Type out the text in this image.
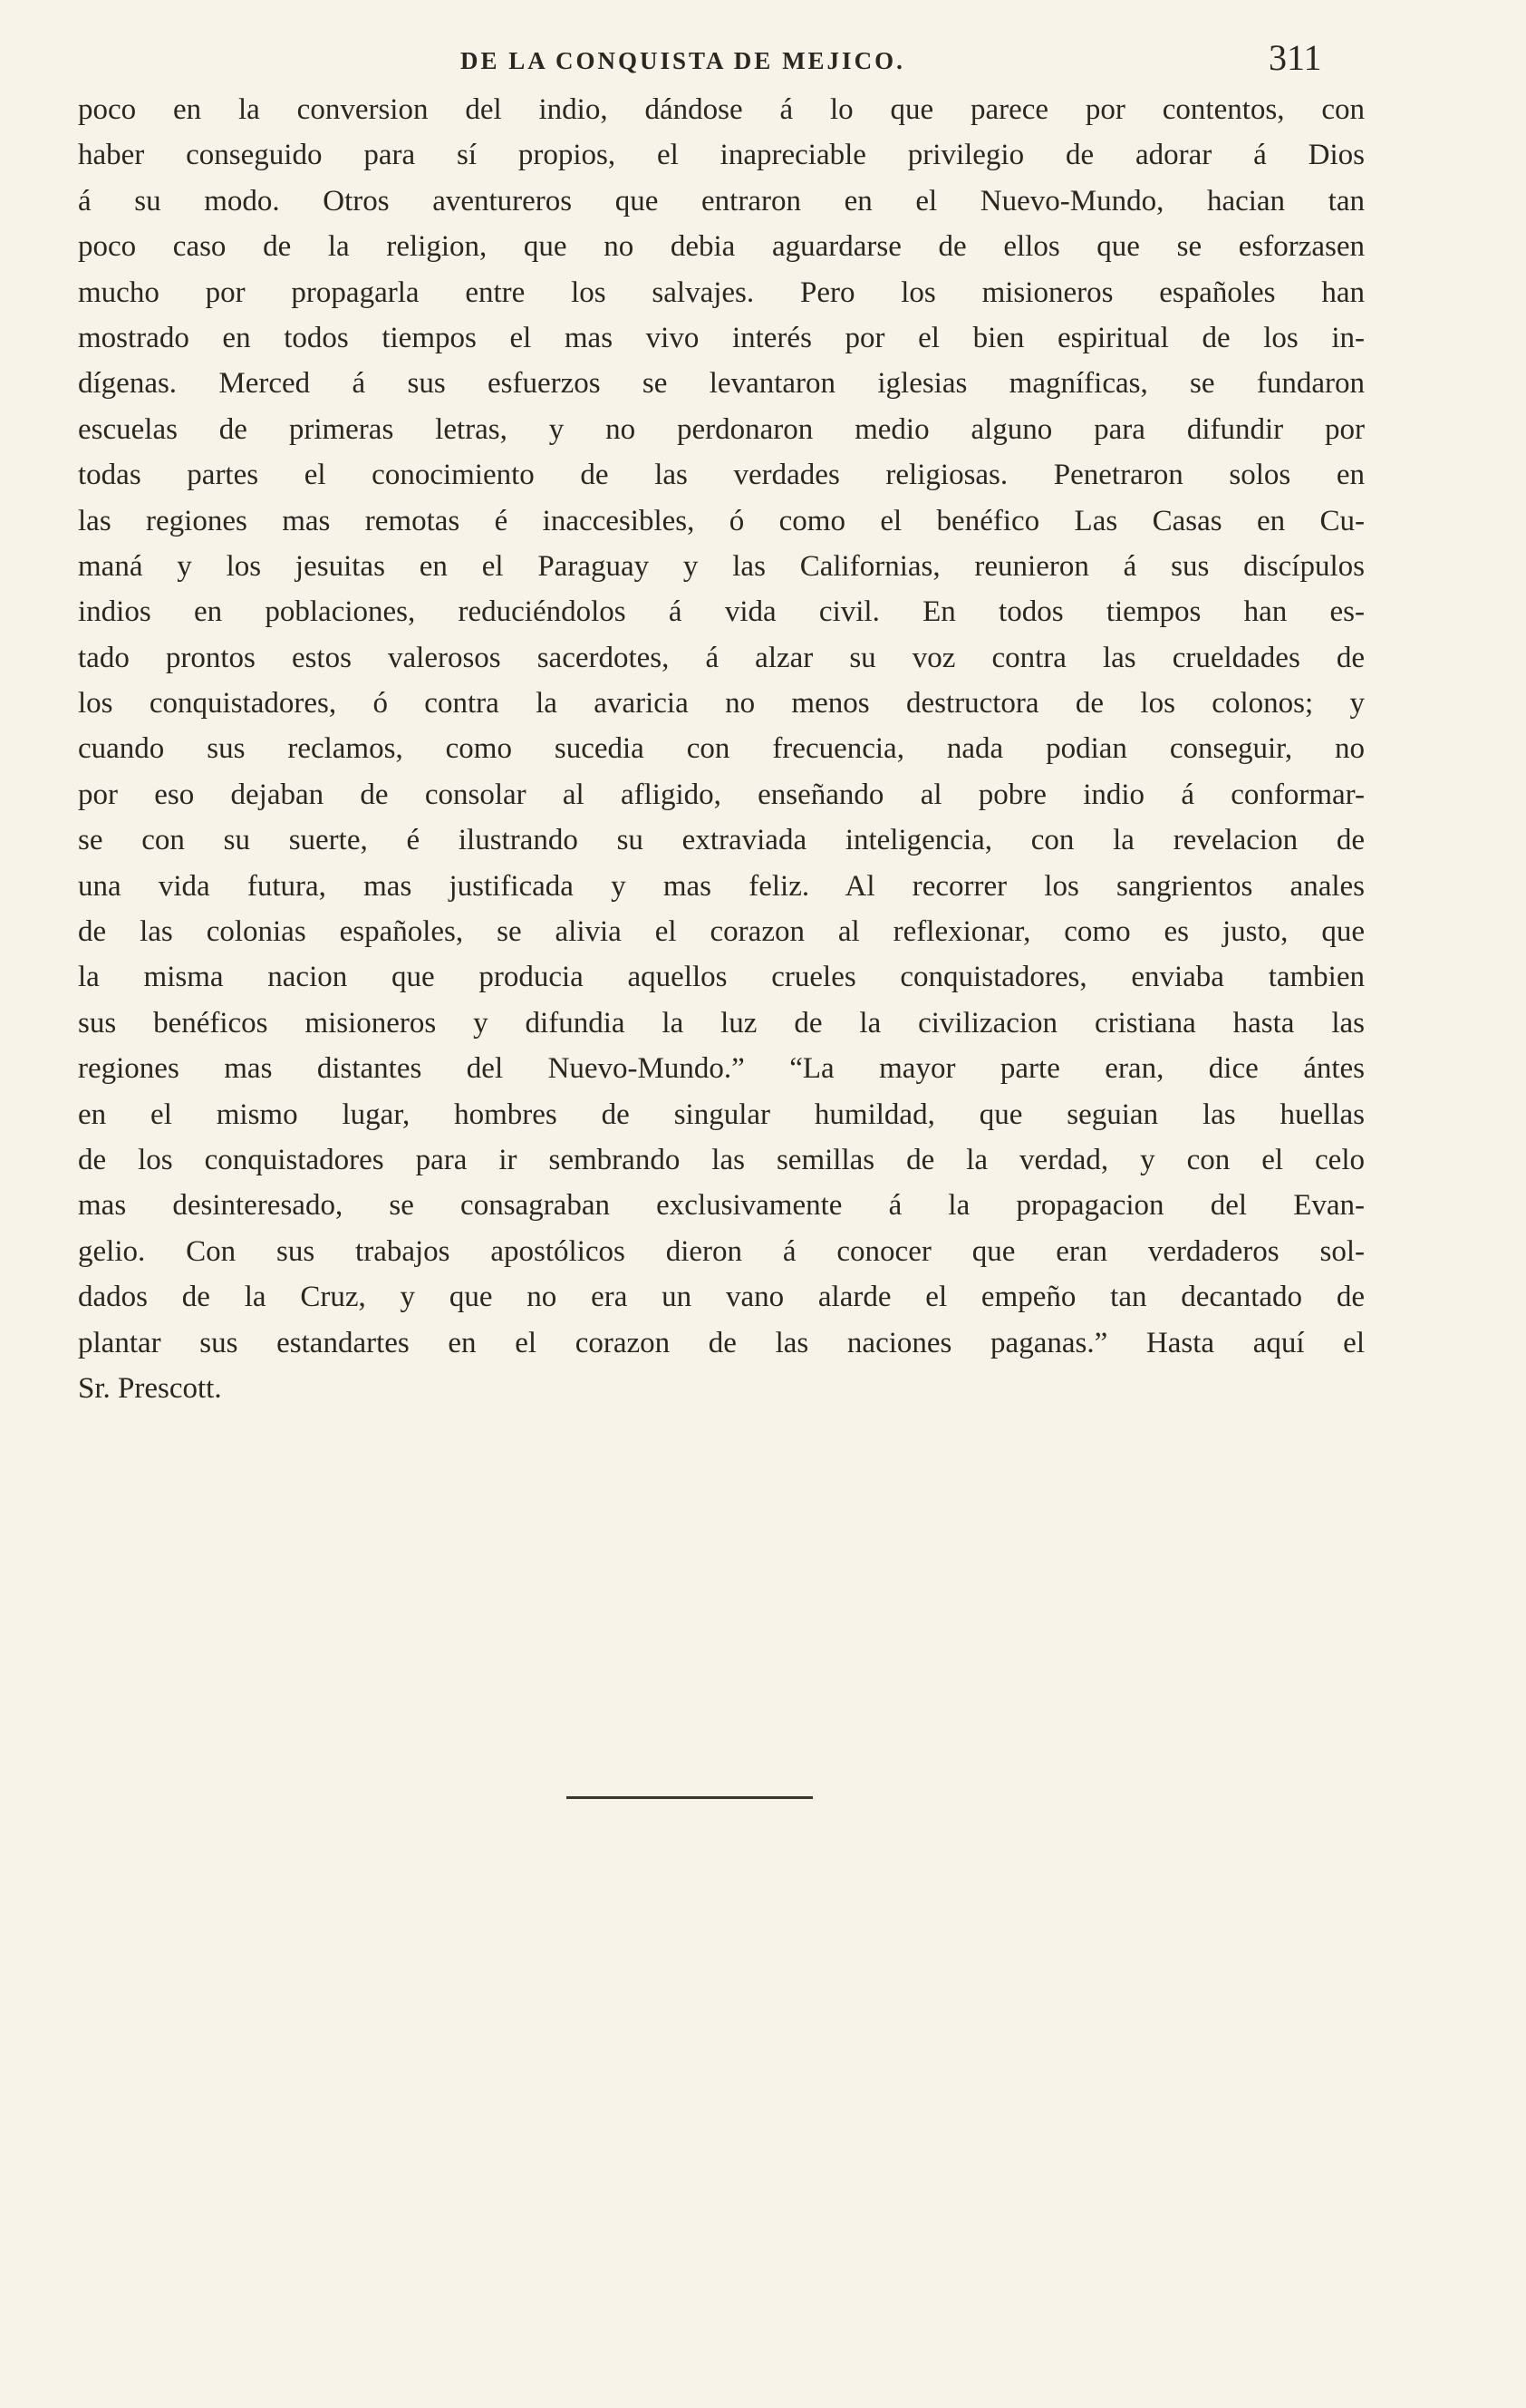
DE LA CONQUISTA DE MEJICO.	311
poco en la conversion del indio, dándose á lo que parece por contentos, con
haber conseguido para sí propios, el inapreciable privilegio de adorar á Dios
á su modo. Otros aventureros que entraron en el Nuevo-Mundo, hacian tan
poco caso de la religion, que no debia aguardarse de ellos que se esforzasen
mucho por propagarla entre los salvajes. Pero los misioneros españoles han
mostrado en todos tiempos el mas vivo interés por el bien espiritual de los in-
dígenas. Merced á sus esfuerzos se levantaron iglesias magníficas, se fundaron
escuelas de primeras letras, y no perdonaron medio alguno para difundir por
todas partes el conocimiento de las verdades religiosas. Penetraron solos en
las regiones mas remotas é inaccesibles, ó como el benéfico Las Casas en Cu-
maná y los jesuitas en el Paraguay y las Californias, reunieron á sus discípulos
indios en poblaciones, reduciéndolos á vida civil. En todos tiempos han es-
tado prontos estos valerosos sacerdotes, á alzar su voz contra las crueldades de
los conquistadores, ó contra la avaricia no menos destructora de los colonos; y
cuando sus reclamos, como sucedia con frecuencia, nada podian conseguir, no
por eso dejaban de consolar al afligido, enseñando al pobre indio á conformar-
se con su suerte, é ilustrando su extraviada inteligencia, con la revelacion de
una vida futura, mas justificada y mas feliz. Al recorrer los sangrientos anales
de las colonias españoles, se alivia el corazon al reflexionar, como es justo, que
la misma nacion que producia aquellos crueles conquistadores, enviaba tambien
sus benéficos misioneros y difundia la luz de la civilizacion cristiana hasta las
regiones mas distantes del Nuevo-Mundo.” “La mayor parte eran, dice ántes
en el mismo lugar, hombres de singular humildad, que seguian las huellas
de los conquistadores para ir sembrando las semillas de la verdad, y con el celo
mas desinteresado, se consagraban exclusivamente á la propagacion del Evan-
gelio. Con sus trabajos apostólicos dieron á conocer que eran verdaderos sol-
dados de la Cruz, y que no era un vano alarde el empeño tan decantado de
plantar sus estandartes en el corazon de las naciones paganas.” Hasta aquí el
Sr. Prescott.
